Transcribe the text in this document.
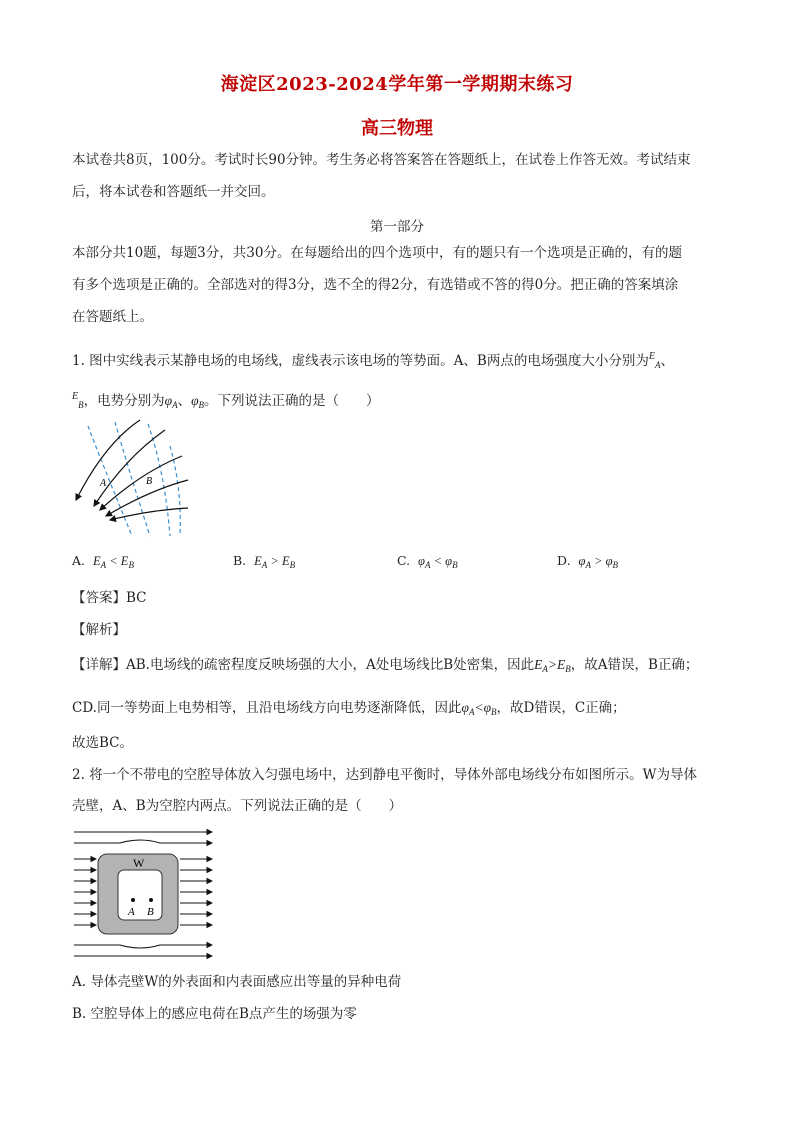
海淀区2023-2024学年第一学期期末练习
高三物理
本试卷共8页，100分。考试时长90分钟。考生务必将答案答在答题纸上，在试卷上作答无效。考试结束
后，将本试卷和答题纸一并交回。
第一部分
本部分共10题，每题3分，共30分。在每题给出的四个选项中，有的题只有一个选项是正确的，有的题
有多个选项是正确的。全部选对的得3分，选不全的得2分，有选错或不答的得0分。把正确的答案填涂
在答题纸上。
1. 图中实线表示某静电场的电场线，虚线表示该电场的等势面。A、B两点的电场强度大小分别为$^E_A$、
$^E_B$，电势分别为$\varphi_A$、$\varphi_B$。下列说法正确的是（　　）
A	B
A. $E_A < E_B$	B. $E_A > E_B$	C. $\varphi_A < \varphi_B$	D. $\varphi_A > \varphi_B$
【答案】BC
【解析】
【详解】AB.电场线的疏密程度反映场强的大小，A处电场线比B处密集，因此$E_A>E_B$，故A错误，B正确；
CD.同一等势面上电势相等，且沿电场线方向电势逐渐降低，因此$\varphi_A<\varphi_B$，故D错误，C正确；
故选BC。
2. 将一个不带电的空腔导体放入匀强电场中，达到静电平衡时，导体外部电场线分布如图所示。W为导体
壳壁，A、B为空腔内两点。下列说法正确的是（　　）
W
A B
A. 导体壳壁W的外表面和内表面感应出等量的异种电荷
B. 空腔导体上的感应电荷在B点产生的场强为零
